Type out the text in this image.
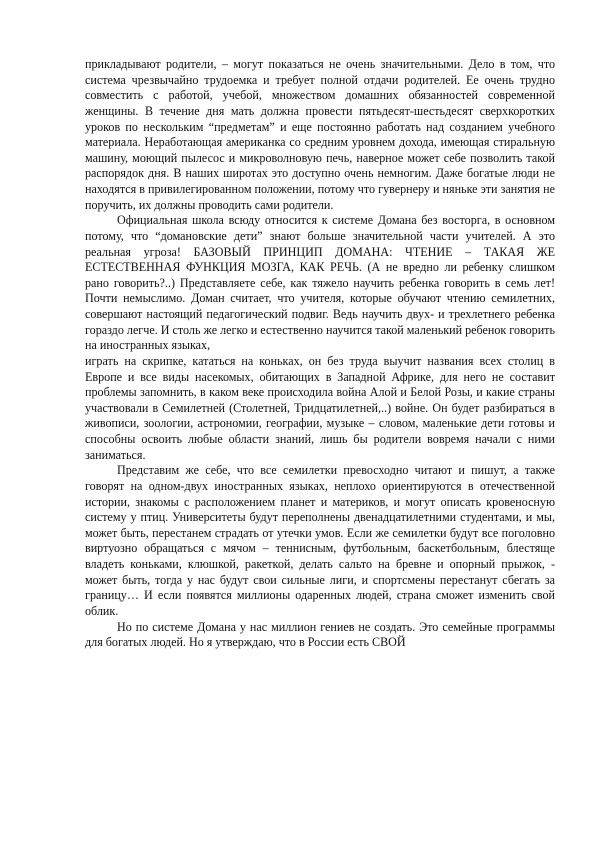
прикладывают родители, – могут показаться не очень значительными. Дело в том, что система чрезвычайно трудоемка и требует полной отдачи родителей. Ее очень трудно совместить с работой, учебой, множеством домашних обязанностей современной женщины. В течение дня мать должна провести пятьдесят-шестьдесят сверхкоротких уроков по нескольким “предметам” и еще постоянно работать над созданием учебного материала. Неработающая американка со средним уровнем дохода, имеющая стиральную машину, моющий пылесос и микроволновую печь, наверное может себе позволить такой распорядок дня. В наших широтах это доступно очень немногим. Даже богатые люди не находятся в привилегированном положении, потому что гувернеру и няньке эти занятия не поручить, их должны проводить сами родители.

Официальная школа всюду относится к системе Домана без восторга, в основном потому, что “домановские дети” знают больше значительной части учителей. А это реальная угроза! БАЗОВЫЙ ПРИНЦИП ДОМАНА: ЧТЕНИЕ – ТАКАЯ ЖЕ ЕСТЕСТВЕННАЯ ФУНКЦИЯ МОЗГА, КАК РЕЧЬ. (А не вредно ли ребенку слишком рано говорить?..) Представляете себе, как тяжело научить ребенка говорить в семь лет! Почти немыслимо. Доман считает, что учителя, которые обучают чтению семилетних, совершают настоящий педагогический подвиг. Ведь научить двух- и трехлетнего ребенка гораздо легче. И столь же легко и естественно научится такой маленький ребенок говорить на иностранных языках,

играть на скрипке, кататься на коньках, он без труда выучит названия всех столиц в Европе и все виды насекомых, обитающих в Западной Африке, для него не составит проблемы запомнить, в каком веке происходила война Алой и Белой Розы, и какие страны участвовали в Семилетней (Столетней, Тридцатилетней,..) войне. Он будет разбираться в живописи, зоологии, астрономии, географии, музыке – словом, маленькие дети готовы и способны освоить любые области знаний, лишь бы родители вовремя начали с ними заниматься.

Представим же себе, что все семилетки превосходно читают и пишут, а также говорят на одном-двух иностранных языках, неплохо ориентируются в отечественной истории, знакомы с расположением планет и материков, и могут описать кровеносную систему у птиц. Университеты будут переполнены двенадцатилетними студентами, и мы, может быть, перестанем страдать от утечки умов. Если же семилетки будут все поголовно виртуозно обращаться с мячом – теннисным, футбольным, баскетбольным, блестяще владеть коньками, клюшкой, ракеткой, делать сальто на бревне и опорный прыжок, - может быть, тогда у нас будут свои сильные лиги, и спортсмены перестанут сбегать за границу… И если появятся миллионы одаренных людей, страна сможет изменить свой облик.

Но по системе Домана у нас миллион гениев не создать. Это семейные программы для богатых людей. Но я утверждаю, что в России есть СВОЙ
